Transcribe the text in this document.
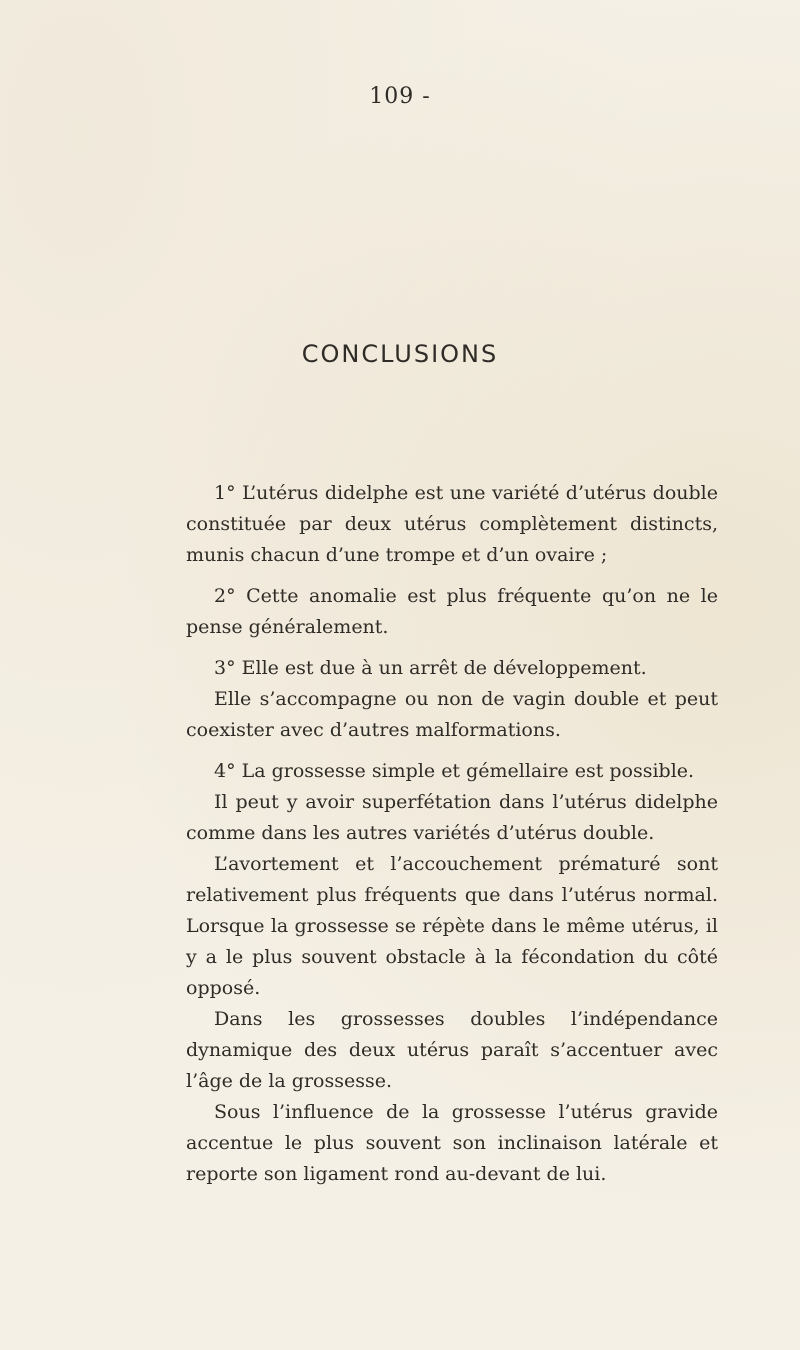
109 -
CONCLUSIONS

1° L’utérus didelphe est une variété d’utérus double constituée par deux utérus complètement distincts, munis chacun d’une trompe et d’un ovaire ;

2° Cette anomalie est plus fréquente qu’on ne le pense généralement.

3° Elle est due à un arrêt de développement.

Elle s’accompagne ou non de vagin double et peut coexister avec d’autres malformations.

4° La grossesse simple et gémellaire est possible.

Il peut y avoir superfétation dans l’utérus didelphe comme dans les autres variétés d’utérus double.

L’avortement et l’accouchement prématuré sont relativement plus fréquents que dans l’utérus normal. Lorsque la grossesse se répète dans le même utérus, il y a le plus souvent obstacle à la fécondation du côté opposé.

Dans les grossesses doubles l’indépendance dynamique des deux utérus paraît s’accentuer avec l’âge de la grossesse.

Sous l’influence de la grossesse l’utérus gravide accentue le plus souvent son inclinaison latérale et reporte son ligament rond au-devant de lui.
